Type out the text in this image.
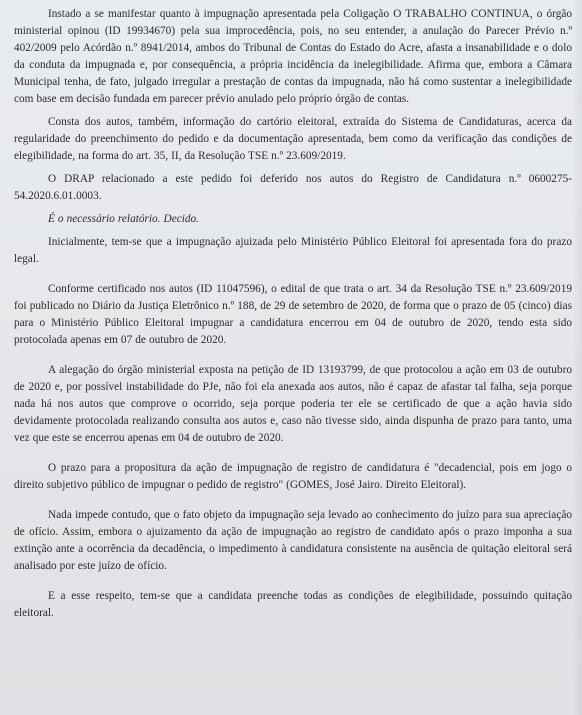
Instado a se manifestar quanto à impugnação apresentada pela Coligação O TRABALHO CONTINUA, o órgão ministerial opinou (ID 19934670) pela sua improcedência, pois, no seu entender, a anulação do Parecer Prévio n.º 402/2009 pelo Acórdão n.º 8941/2014, ambos do Tribunal de Contas do Estado do Acre, afasta a insanabilidade e o dolo da conduta da impugnada e, por consequência, a própria incidência da inelegibilidade. Afirma que, embora a Câmara Municipal tenha, de fato, julgado irregular a prestação de contas da impugnada, não há como sustentar a inelegibilidade com base em decisão fundada em parecer prévio anulado pelo próprio órgão de contas.

Consta dos autos, também, informação do cartório eleitoral, extraída do Sistema de Candidaturas, acerca da regularidade do preenchimento do pedido e da documentação apresentada, bem como da verificação das condições de elegibilidade, na forma do art. 35, II, da Resolução TSE n.º 23.609/2019.

O DRAP relacionado a este pedido foi deferido nos autos do Registro de Candidatura n.º 0600275-54.2020.6.01.0003.

É o necessário relatório. Decido.

Inicialmente, tem-se que a impugnação ajuizada pelo Ministério Público Eleitoral foi apresentada fora do prazo legal.

Conforme certificado nos autos (ID 11047596), o edital de que trata o art. 34 da Resolução TSE n.º 23.609/2019 foi publicado no Diário da Justiça Eletrônico n.º 188, de 29 de setembro de 2020, de forma que o prazo de 05 (cinco) dias para o Ministério Público Eleitoral impugnar a candidatura encerrou em 04 de outubro de 2020, tendo esta sido protocolada apenas em 07 de outubro de 2020.

A alegação do órgão ministerial exposta na petição de ID 13193799, de que protocolou a ação em 03 de outubro de 2020 e, por possível instabilidade do PJe, não foi ela anexada aos autos, não é capaz de afastar tal falha, seja porque nada há nos autos que comprove o ocorrido, seja porque poderia ter ele se certificado de que a ação havia sido devidamente protocolada realizando consulta aos autos e, caso não tivesse sido, ainda dispunha de prazo para tanto, uma vez que este se encerrou apenas em 04 de outubro de 2020.

O prazo para a propositura da ação de impugnação de registro de candidatura é "decadencial, pois em jogo o direito subjetivo público de impugnar o pedido de registro" (GOMES, José Jairo. Direito Eleitoral).

Nada impede contudo, que o fato objeto da impugnação seja levado ao conhecimento do juízo para sua apreciação de ofício. Assim, embora o ajuizamento da ação de impugnação ao registro de candidato após o prazo imponha a sua extinção ante a ocorrência da decadência, o impedimento à candidatura consistente na ausência de quitação eleitoral será analisado por este juízo de ofício.

E a esse respeito, tem-se que a candidata preenche todas as condições de elegibilidade, possuindo quitação eleitoral.
